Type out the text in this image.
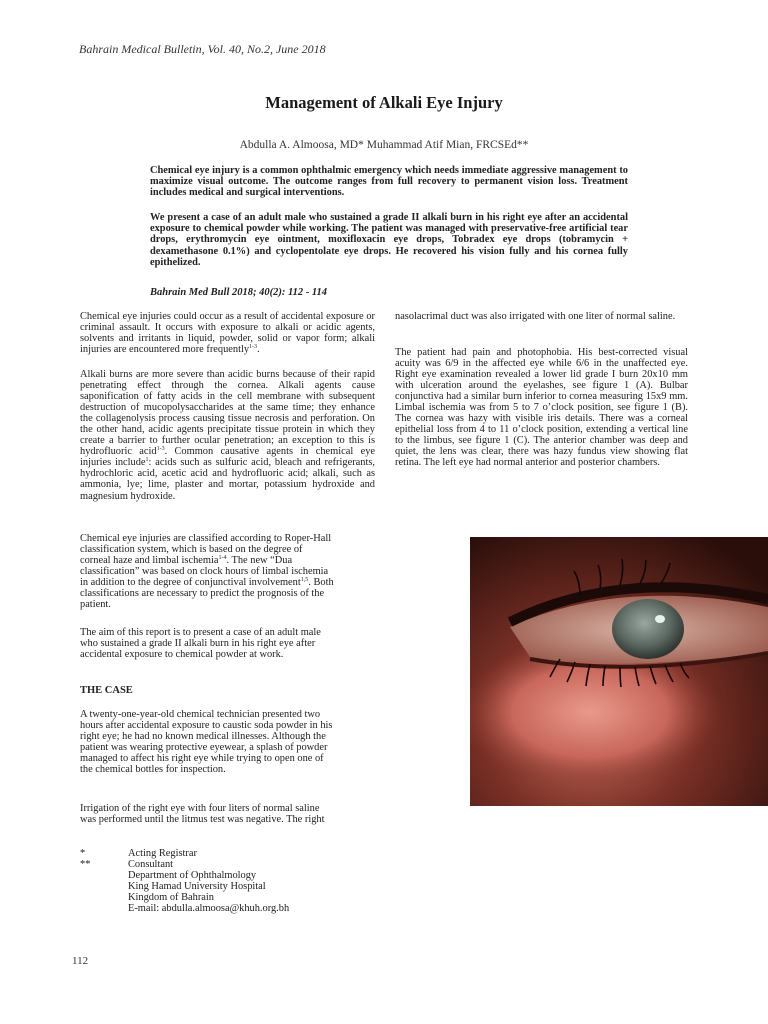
Bahrain Medical Bulletin, Vol. 40, No.2, June 2018
Management of Alkali Eye Injury
Abdulla A. Almoosa, MD* Muhammad Atif Mian, FRCSEd**

Chemical eye injury is a common ophthalmic emergency which needs immediate aggressive management to maximize visual outcome. The outcome ranges from full recovery to permanent vision loss. Treatment includes medical and surgical interventions.

We present a case of an adult male who sustained a grade II alkali burn in his right eye after an accidental exposure to chemical powder while working. The patient was managed with preservative-free artificial tear drops, erythromycin eye ointment, moxifloxacin eye drops, Tobradex eye drops (tobramycin + dexamethasone 0.1%) and cyclopentolate eye drops. He recovered his vision fully and his cornea fully epithelized.

Bahrain Med Bull 2018; 40(2): 112 - 114

Chemical eye injuries could occur as a result of accidental exposure or criminal assault. It occurs with exposure to alkali or acidic agents, solvents and irritants in liquid, powder, solid or vapor form; alkali injuries are encountered more frequently$^{1-3}$.

Alkali burns are more severe than acidic burns because of their rapid penetrating effect through the cornea. Alkali agents cause saponification of fatty acids in the cell membrane with subsequent destruction of mucopolysaccharides at the same time; they enhance the collagenolysis process causing tissue necrosis and perforation. On the other hand, acidic agents precipitate tissue protein in which they create a barrier to further ocular penetration; an exception to this is hydrofluoric acid$^{1-3}$. Common causative agents in chemical eye injuries include$^1$: acids such as sulfuric acid, bleach and refrigerants, hydrochloric acid, acetic acid and hydrofluoric acid; alkali, such as ammonia, lye; lime, plaster and mortar, potassium hydroxide and magnesium hydroxide.

Chemical eye injuries are classified according to Roper-Hall classification system, which is based on the degree of corneal haze and limbal ischemia$^{1-4}$. The new “Dua classification” was based on clock hours of limbal ischemia in addition to the degree of conjunctival involvement$^{1,5}$. Both classifications are necessary to predict the prognosis of the patient.

The aim of this report is to present a case of an adult male who sustained a grade II alkali burn in his right eye after accidental exposure to chemical powder at work.

THE CASE

A twenty-one-year-old chemical technician presented two hours after accidental exposure to caustic soda powder in his right eye; he had no known medical illnesses. Although the patient was wearing protective eyewear, a splash of powder managed to affect his right eye while trying to open one of the chemical bottles for inspection.

Irrigation of the right eye with four liters of normal saline was performed until the litmus test was negative. The right

*	Acting Registrar
**	Consultant
Department of Ophthalmology
King Hamad University Hospital
Kingdom of Bahrain
E-mail: abdulla.almoosa@khuh.org.bh
112

nasolacrimal duct was also irrigated with one liter of normal saline.

The patient had pain and photophobia. His best-corrected visual acuity was 6/9 in the affected eye while 6/6 in the unaffected eye. Right eye examination revealed a lower lid grade I burn 20x10 mm with ulceration around the eyelashes, see figure 1 (A). Bulbar conjunctiva had a similar burn inferior to cornea measuring 15x9 mm. Limbal ischemia was from 5 to 7 o’clock position, see figure 1 (B). The cornea was hazy with visible iris details. There was a corneal epithelial loss from 4 to 11 o’clock position, extending a vertical line to the limbus, see figure 1 (C). The anterior chamber was deep and quiet, the lens was clear, there was hazy fundus view showing flat retina. The left eye had normal anterior and posterior chambers.
